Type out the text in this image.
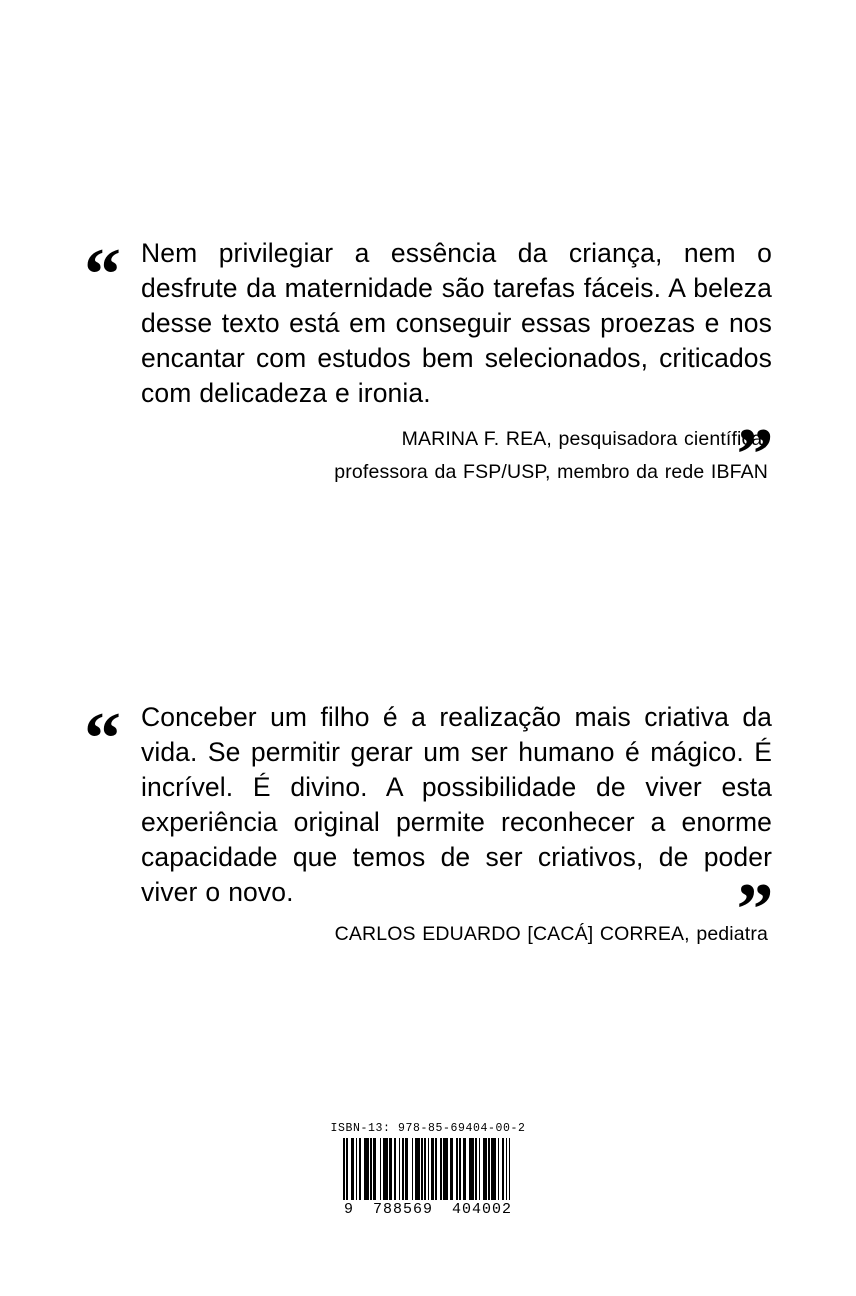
“ Nem privilegiar a essência da criança, nem o desfrute da maternidade são tarefas fáceis. A beleza desse texto está em conseguir essas proezas e nos encantar com estudos bem selecionados, criticados com delicadeza e ironia.

”

MARINA F. REA, pesquisadora científica,
professora da FSP/USP, membro da rede IBFAN

“ Conceber um filho é a realização mais criativa da vida. Se permitir gerar um ser humano é mágico. É incrível. É divino. A possibilidade de viver esta experiência original permite reconhecer a enorme capacidade que temos de ser criativos, de poder viver o novo.	”

CARLOS EDUARDO [CACÁ] CORREA, pediatra

ISBN-13: 978-85-69404-00-2
9 788569 404002
